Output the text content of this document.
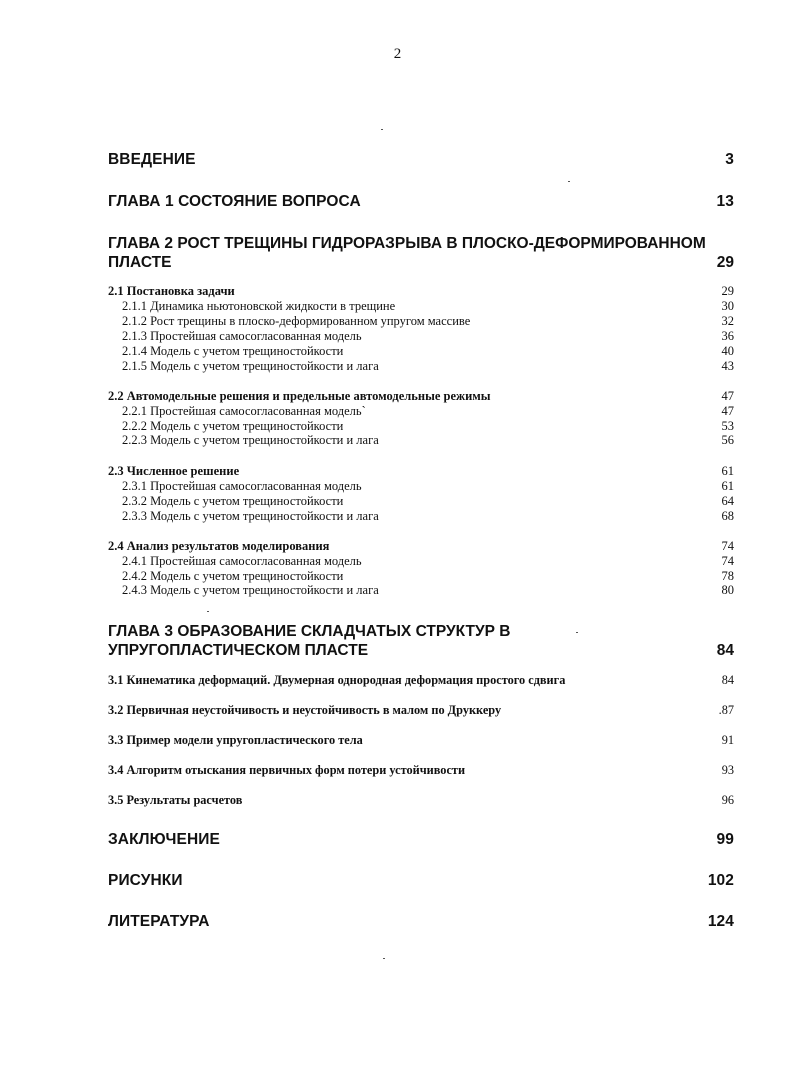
2
ВВЕДЕНИЕ	3
ГЛАВА 1 СОСТОЯНИЕ ВОПРОСА	13
ГЛАВА 2 РОСТ ТРЕЩИНЫ ГИДРОРАЗРЫВА В ПЛОСКО-ДЕФОРМИРОВАННОМ
ПЛАСТЕ	29
2.1 Постановка задачи	29
2.1.1 Динамика ньютоновской жидкости в трещине	30
2.1.2 Рост трещины в плоско-деформированном упругом массиве	32
2.1.3 Простейшая самосогласованная модель	36
2.1.4 Модель с учетом трещиностойкости	40
2.1.5 Модель с учетом трещиностойкости и лага	43
2.2 Автомодельные решения и предельные автомодельные режимы	47
2.2.1 Простейшая самосогласованная модель`	47
2.2.2 Модель с учетом трещиностойкости	53
2.2.3 Модель с учетом трещиностойкости и лага	56
2.3 Численное решение	61
2.3.1 Простейшая самосогласованная модель	61
2.3.2 Модель с учетом трещиностойкости	64
2.3.3 Модель с учетом трещиностойкости и лага	68
2.4 Анализ результатов моделирования	74
2.4.1 Простейшая самосогласованная модель	74
2.4.2 Модель с учетом трещиностойкости	78
2.4.3 Модель с учетом трещиностойкости и лага	80
ГЛАВА 3 ОБРАЗОВАНИЕ СКЛАДЧАТЫХ СТРУКТУР В
УПРУГОПЛАСТИЧЕСКОМ ПЛАСТЕ	84
3.1 Кинематика деформаций. Двумерная однородная деформация простого сдвига	84
3.2 Первичная неустойчивость и неустойчивость в малом по Друккеру	.87
3.3 Пример модели упругопластического тела	91
3.4 Алгоритм отыскания первичных форм потери устойчивости	93
3.5 Результаты расчетов	96
ЗАКЛЮЧЕНИЕ	99
РИСУНКИ	102
ЛИТЕРАТУРА	124
